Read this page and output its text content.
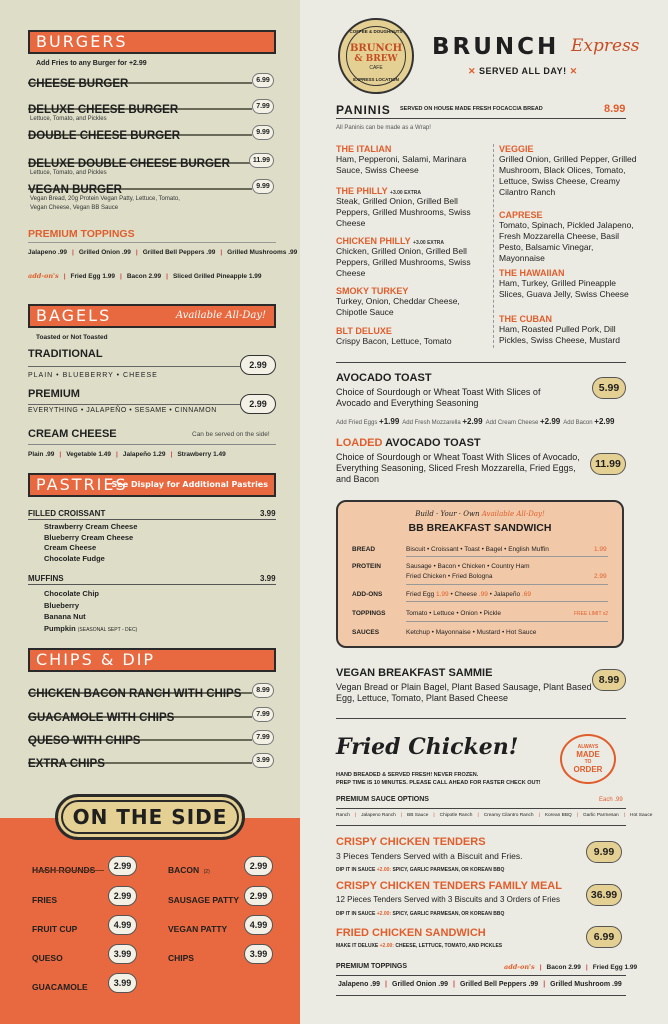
BURGERS
Add Fries to any Burger for +2.99
CHEESE BURGER	6.99
DELUXE CHEESE BURGER	7.99
Lettuce, Tomato, and Pickles
DOUBLE CHEESE BURGER	9.99
DELUXE DOUBLE CHEESE BURGER	11.99
Lettuce, Tomato, and Pickles
VEGAN BURGER	9.99
Vegan Bread, 20g Protein Vegan Patty, Lettuce, Tomato,
Vegan Cheese, Vegan BB Sauce
PREMIUM TOPPINGS
Jalapeno .99 | Grilled Onion .99 | Grilled Bell Peppers .99 | Grilled Mushrooms .99
add-on's | Fried Egg 1.99 | Bacon 2.99 | Sliced Grilled Pineapple 1.99
BAGELS	Available All-Day!
Toasted or Not Toasted
TRADITIONAL
PLAIN • BLUEBERRY • CHEESE
2.99
PREMIUM
EVERYTHING • JALAPEÑO • SESAME • CINNAMON
2.99
CREAM CHEESE	Can be served on the side!
Plain .99 | Vegetable 1.49 | Jalapeño 1.29 | Strawberry 1.49
PASTRIES
See Display for Additional Pastries
FILLED CROISSANT	3.99
Strawberry Cream Cheese
Blueberry Cream Cheese
Cream Cheese
Chocolate Fudge
MUFFINS	3.99
Chocolate Chip
Blueberry
Banana Nut
Pumpkin (SEASONAL SEPT - DEC)
CHIPS & DIP
CHICKEN BACON RANCH WITH CHIPS	8.99
GUACAMOLE WITH CHIPS	7.99
QUESO WITH CHIPS	7.99
EXTRA CHIPS	3.99
ON THE SIDE
HASH ROUNDS	2.99
FRIES	2.99
FRUIT CUP	4.99
QUESO	3.99
GUACAMOLE	3.99
BACON (2)
2.99
SAUSAGE PATTY	2.99
VEGAN PATTY	4.99
CHIPS	3.99
COFFEE & DOUGHNUTS
BRUNCH
& BREW
CAFE
EXPRESS LOCATION
BRUNCH Express
✕ SERVED ALL DAY! ✕
PANINIS SERVED ON HOUSE MADE FRESH FOCACCIA BREAD	8.99
All Paninis can be made as a Wrap!
THE ITALIAN
Ham, Pepperoni, Salami, Marinara Sauce, Swiss Cheese
THE PHILLY +3.00 EXTRA
Steak, Grilled Onion, Grilled Bell Peppers, Grilled Mushrooms, Swiss Cheese
CHICKEN PHILLY +3.00 EXTRA
Chicken, Grilled Onion, Grilled Bell Peppers, Grilled Mushrooms, Swiss Cheese
SMOKY TURKEY
Turkey, Onion, Cheddar Cheese, Chipotle Sauce
BLT DELUXE
Crispy Bacon, Lettuce, Tomato
VEGGIE
Grilled Onion, Grilled Pepper, Grilled Mushroom, Black Olices, Tomato, Lettuce, Swiss Cheese, Creamy Cilantro Ranch
CAPRESE
Tomato, Spinach, Pickled Jalapeno, Fresh Mozzarella Cheese, Basil Pesto, Balsamic Vinegar, Mayonnaise
THE HAWAIIAN
Ham, Turkey, Grilled Pineapple Slices, Guava Jelly, Swiss Cheese
THE CUBAN
Ham, Roasted Pulled Pork, Dill Pickles, Swiss Cheese, Mustard
AVOCADO TOAST
Choice of Sourdough or Wheat Toast With Slices of Avocado and Everything Seasoning
5.99
Add Fried Eggs +1.99 Add Fresh Mozzarella +2.99 Add Cream Cheese +2.99 Add Bacon +2.99
LOADED AVOCADO TOAST
Choice of Sourdough or Wheat Toast With Slices of Avocado, Everything Seasoning, Sliced Fresh Mozzarella, Fried Eggs, and Bacon
11.99
Build · Your · Own Available All-Day!
BB BREAKFAST SANDWICH
BREAD	Biscuit • Croissant • Toast • Bagel • English Muffin	1.99
PROTEIN	Sausage • Bacon • Chicken • Country Ham
Fried Chicken • Fried Bologna	2.99
ADD-ONS	Fried Egg 1.99 • Cheese .99 • Jalapeño .69
TOPPINGS	Tomato • Lettuce • Onion • Pickle	FREE LIMIT x2
SAUCES	Ketchup • Mayonnaise • Mustard • Hot Sauce
VEGAN BREAKFAST SAMMIE
Vegan Bread or Plain Bagel, Plant Based Sausage, Plant Based Egg, Lettuce, Tomato, Plant Based Cheese
8.99
Fried Chicken!	ALWAYS
MADE
TO
ORDER
HAND BREADED & SERVED FRESH! NEVER FROZEN.
PREP TIME IS 10 MINUTES. PLEASE CALL AHEAD FOR FASTER CHECK OUT!
PREMIUM SAUCE OPTIONS	Each .99
Ranch | Jalapeno Ranch | BB Sauce | Chipotle Ranch | Creamy Cilantro Ranch | Korean BBQ | Garlic Parmesan | Hot Sauce
CRISPY CHICKEN TENDERS
3 Pieces Tenders Served with a Biscuit and Fries.
DIP IT IN SAUCE +2.00: SPICY, GARLIC PARMESAN, OR KOREAN BBQ
9.99
CRISPY CHICKEN TENDERS FAMILY MEAL
12 Pieces Tenders Served with 3 Biscuits and 3 Orders of Fries
DIP IT IN SAUCE +2.00: SPICY, GARLIC PARMESAN, OR KOREAN BBQ
36.99
FRIED CHICKEN SANDWICH
MAKE IT DELUXE +2.00: CHEESE, LETTUCE, TOMATO, AND PICKLES
6.99
PREMIUM TOPPINGS	add-on's | Bacon 2.99 | Fried Egg 1.99
Jalapeno .99 | Grilled Onion .99 | Grilled Bell Peppers .99 | Grilled Mushroom .99
